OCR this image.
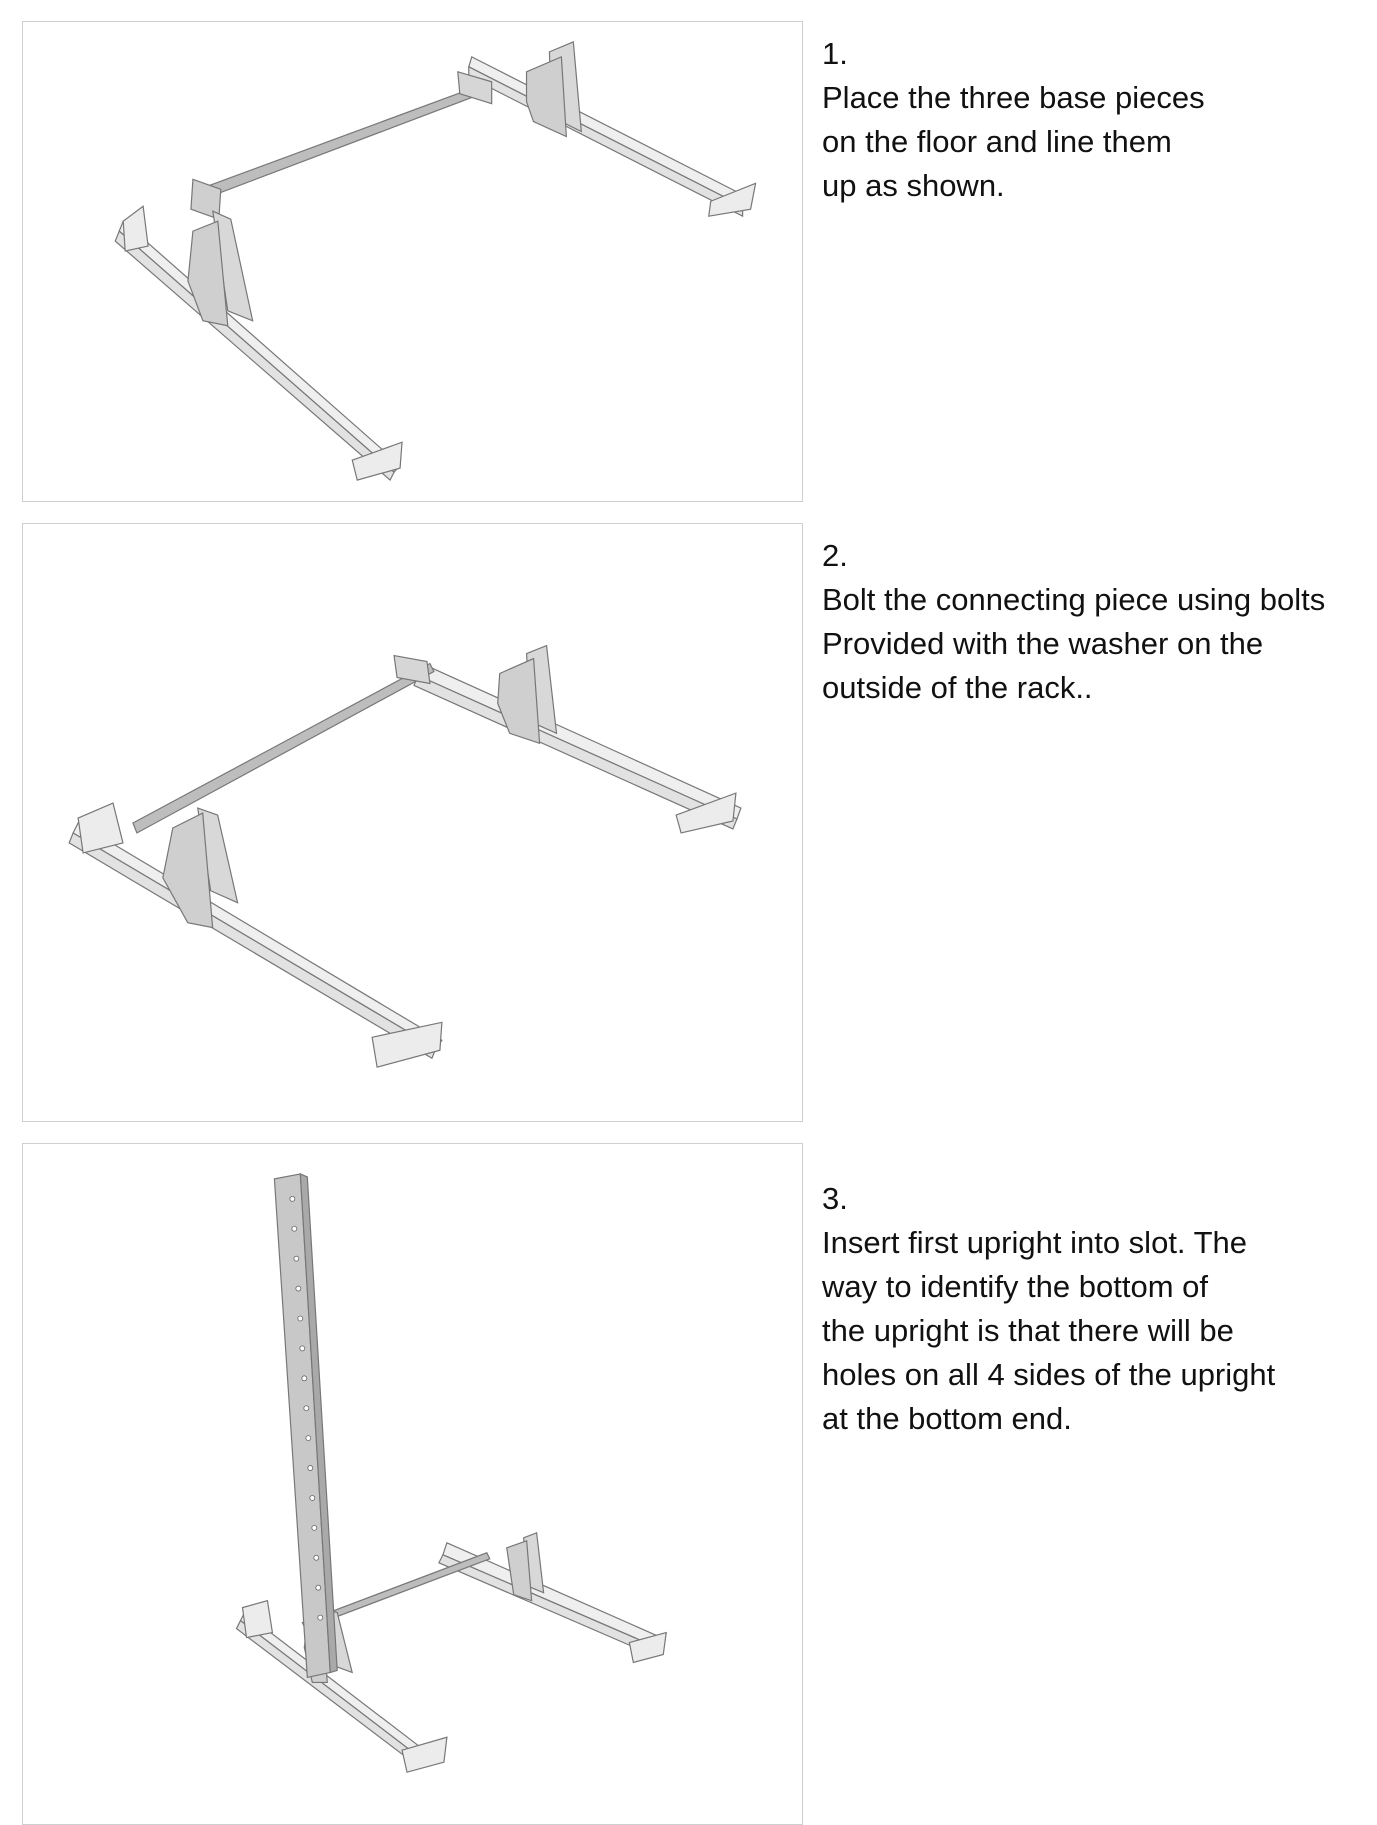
1.

Place the three base pieces

on the floor and line them

up as shown.

2.

Bolt the connecting piece using bolts

Provided with the washer on the

outside of the rack..

3.

Insert first upright into slot. The

way to identify the bottom of

the upright is that there will be

holes on all 4 sides of the upright

at the bottom end.
